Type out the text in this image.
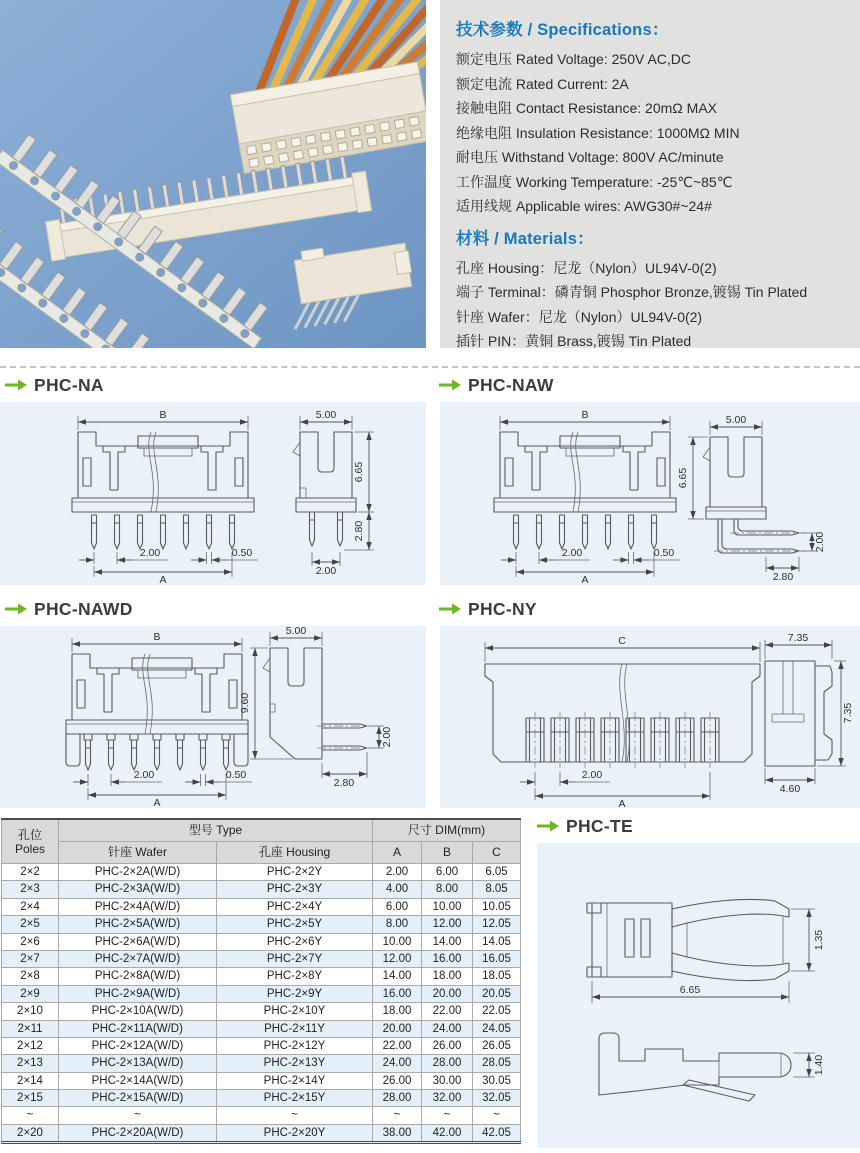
技术参数 / Specifications：
额定电压 Rated Voltage: 250V AC,DC
额定电流 Rated Current: 2A
接触电阻 Contact Resistance: 20mΩ MAX
绝缘电阻 Insulation Resistance: 1000MΩ MIN
耐电压 Withstand Voltage: 800V AC/minute
工作温度 Working Temperature: -25℃~85℃
适用线规 Applicable wires: AWG30#~24#
材料 / Materials：
孔座 Housing：尼龙（Nylon）UL94V-0(2)
端子 Terminal：磷青铜 Phosphor Bronze,镀锡 Tin Plated
针座 Wafer：尼龙（Nylon）UL94V-0(2)
插针 PIN：黄铜 Brass,镀锡 Tin Plated
PHC-NA	PHC-NAW
PHC-NAWD	PHC-NY
PHC-TE
B
2.00	0.50
A
5.00
6.65
2.80
2.00
B
2.00	0.50
A
5.00
6.65
2.80
2.00
B
2.00	0.50
A
5.00
9.60
2.80
2.00
C
2.00
A
7.35
7.35
4.60
孔位
Poles	型号 Type		尺寸 DIM(mm)		
	针座 Wafer	孔座 Housing	A	B	C
2×2	PHC-2×2A(W/D)	PHC-2×2Y	2.00	6.00	6.05
2×3	PHC-2×3A(W/D)	PHC-2×3Y	4.00	8.00	8.05
2×4	PHC-2×4A(W/D)	PHC-2×4Y	6.00	10.00	10.05
2×5	PHC-2×5A(W/D)	PHC-2×5Y	8.00	12.00	12.05
2×6	PHC-2×6A(W/D)	PHC-2×6Y	10.00	14.00	14.05
2×7	PHC-2×7A(W/D)	PHC-2×7Y	12.00	16.00	16.05
2×8	PHC-2×8A(W/D)	PHC-2×8Y	14.00	18.00	18.05
2×9	PHC-2×9A(W/D)	PHC-2×9Y	16.00	20.00	20.05
2×10	PHC-2×10A(W/D)	PHC-2×10Y	18.00	22.00	22.05
2×11	PHC-2×11A(W/D)	PHC-2×11Y	20.00	24.00	24.05
2×12	PHC-2×12A(W/D)	PHC-2×12Y	22.00	26.00	26.05
2×13	PHC-2×13A(W/D)	PHC-2×13Y	24.00	28.00	28.05
2×14	PHC-2×14A(W/D)	PHC-2×14Y	26.00	30.00	30.05
2×15	PHC-2×15A(W/D)	PHC-2×15Y	28.00	32.00	32.05
~	~	~	~	~	~
2×20	PHC-2×20A(W/D)	PHC-2×20Y	38.00	42.00	42.05
6.65
1.35
1.40
